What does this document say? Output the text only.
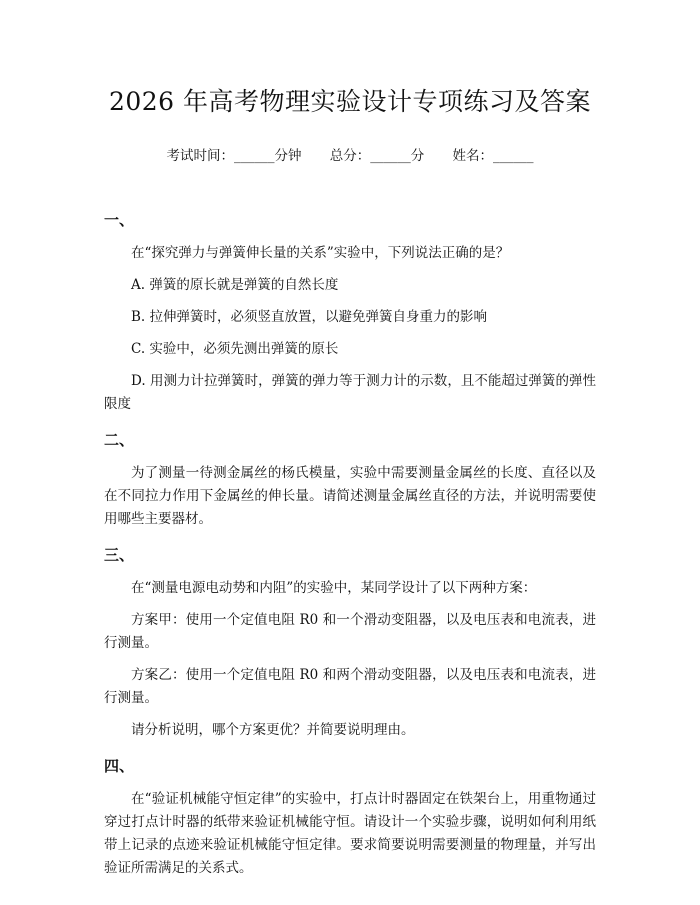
2026 年高考物理实验设计专项练习及答案
考试时间：______分钟 总分：______分 姓名：______
一、

在“探究弹力与弹簧伸长量的关系”实验中，下列说法正确的是？

A. 弹簧的原长就是弹簧的自然长度

B. 拉伸弹簧时，必须竖直放置，以避免弹簧自身重力的影响

C. 实验中，必须先测出弹簧的原长

D. 用测力计拉弹簧时，弹簧的弹力等于测力计的示数，且不能超过弹簧的弹性限度

二、

为了测量一待测金属丝的杨氏模量，实验中需要测量金属丝的长度、直径以及在不同拉力作用下金属丝的伸长量。请简述测量金属丝直径的方法，并说明需要使用哪些主要器材。

三、

在“测量电源电动势和内阻”的实验中，某同学设计了以下两种方案：

方案甲：使用一个定值电阻 R0 和一个滑动变阻器，以及电压表和电流表，进行测量。

方案乙：使用一个定值电阻 R0 和两个滑动变阻器，以及电压表和电流表，进行测量。

请分析说明，哪个方案更优？并简要说明理由。

四、

在“验证机械能守恒定律”的实验中，打点计时器固定在铁架台上，用重物通过穿过打点计时器的纸带来验证机械能守恒。请设计一个实验步骤，说明如何利用纸带上记录的点迹来验证机械能守恒定律。要求简要说明需要测量的物理量，并写出验证所需满足的关系式。
